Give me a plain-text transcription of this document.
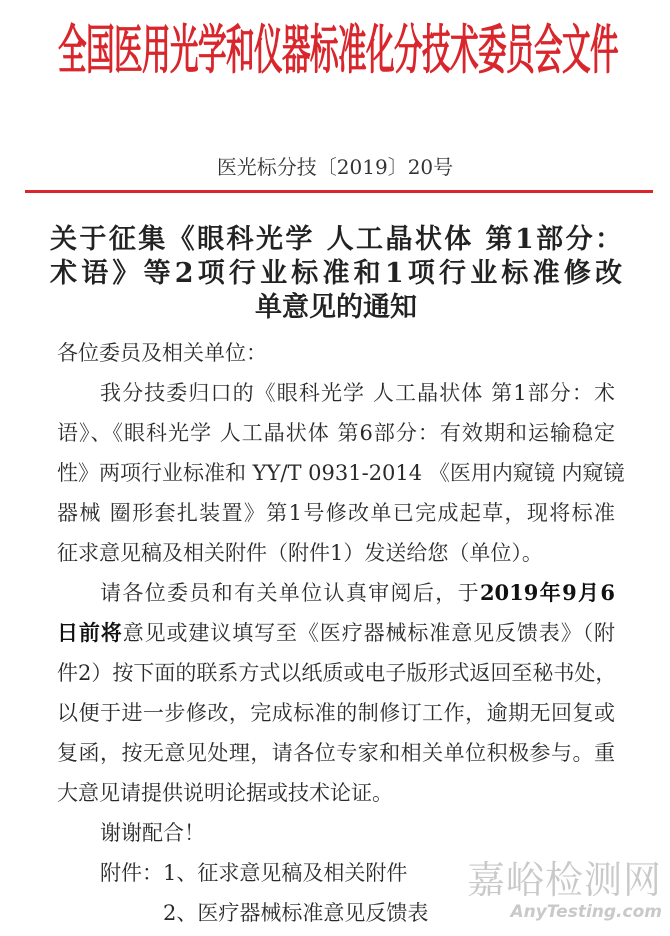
全国医用光学和仪器标准化分技术委员会文件
医光标分技〔2019〕20号
关于征集《眼科光学 人工晶状体 第1部分：
术语》等2项行业标准和1项行业标准修改
单意见的通知
各位委员及相关单位：
我分技委归口的《眼科光学 人工晶状体 第1部分：术
语》、《眼科光学 人工晶状体 第6部分：有效期和运输稳定
性》两项行业标准和 YY/T 0931-2014 《医用内窥镜 内窥镜
器械 圈形套扎装置》第1号修改单已完成起草，现将标准
征求意见稿及相关附件（附件1）发送给您（单位）。
请各位委员和有关单位认真审阅后，于2019年9月6
日前将意见或建议填写至《医疗器械标准意见反馈表》（附
件2）按下面的联系方式以纸质或电子版形式返回至秘书处，
以便于进一步修改，完成标准的制修订工作，逾期无回复或
复函，按无意见处理，请各位专家和相关单位积极参与。重
大意见请提供说明论据或技术论证。
谢谢配合！
附件：1、征求意见稿及相关附件
2、医疗器械标准意见反馈表
嘉峪检测网
AnyTesting.com
